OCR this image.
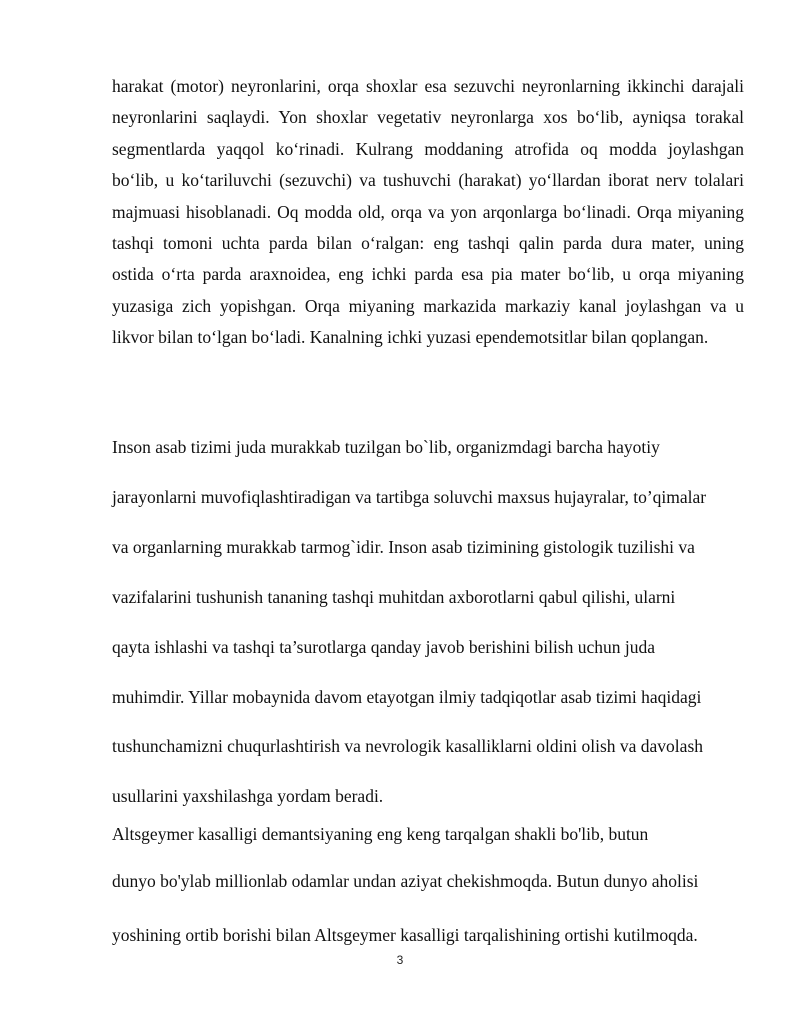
harakat (motor) neyronlarini, orqa shoxlar esa sezuvchi neyronlarning ikkinchi darajali
neyronlarini saqlaydi. Yon shoxlar vegetativ neyronlarga xos bo‘lib, ayniqsa torakal
segmentlarda yaqqol ko‘rinadi. Kulrang moddaning atrofida oq modda joylashgan
bo‘lib, u ko‘tariluvchi (sezuvchi) va tushuvchi (harakat) yo‘llardan iborat nerv tolalari
majmuasi hisoblanadi. Oq modda old, orqa va yon arqonlarga bo‘linadi. Orqa miyaning
tashqi tomoni uchta parda bilan o‘ralgan: eng tashqi qalin parda dura mater, uning
ostida o‘rta parda araxnoidea, eng ichki parda esa pia mater bo‘lib, u orqa miyaning
yuzasiga zich yopishgan. Orqa miyaning markazida markaziy kanal joylashgan va u
likvor bilan to‘lgan bo‘ladi. Kanalning ichki yuzasi ependemotsitlar bilan qoplangan.
Inson asab tizimi juda murakkab tuzilgan bo`lib, organizmdagi barcha hayotiy
jarayonlarni muvofiqlashtiradigan va tartibga soluvchi maxsus hujayralar, to’qimalar
va organlarning murakkab tarmog`idir. Inson asab tizimining gistologik tuzilishi va
vazifalarini tushunish tananing tashqi muhitdan axborotlarni qabul qilishi, ularni
qayta ishlashi va tashqi ta’surotlarga qanday javob berishini bilish uchun juda
muhimdir. Yillar mobaynida davom etayotgan ilmiy tadqiqotlar asab tizimi haqidagi
tushunchamizni chuqurlashtirish va nevrologik kasalliklarni oldini olish va davolash
usullarini yaxshilashga yordam beradi.
Altsgeymer kasalligi demantsiyaning eng keng tarqalgan shakli bo'lib, butun
dunyo bo'ylab millionlab odamlar undan aziyat chekishmoqda. Butun dunyo aholisi
yoshining ortib borishi bilan Altsgeymer kasalligi tarqalishining ortishi kutilmoqda.
3
